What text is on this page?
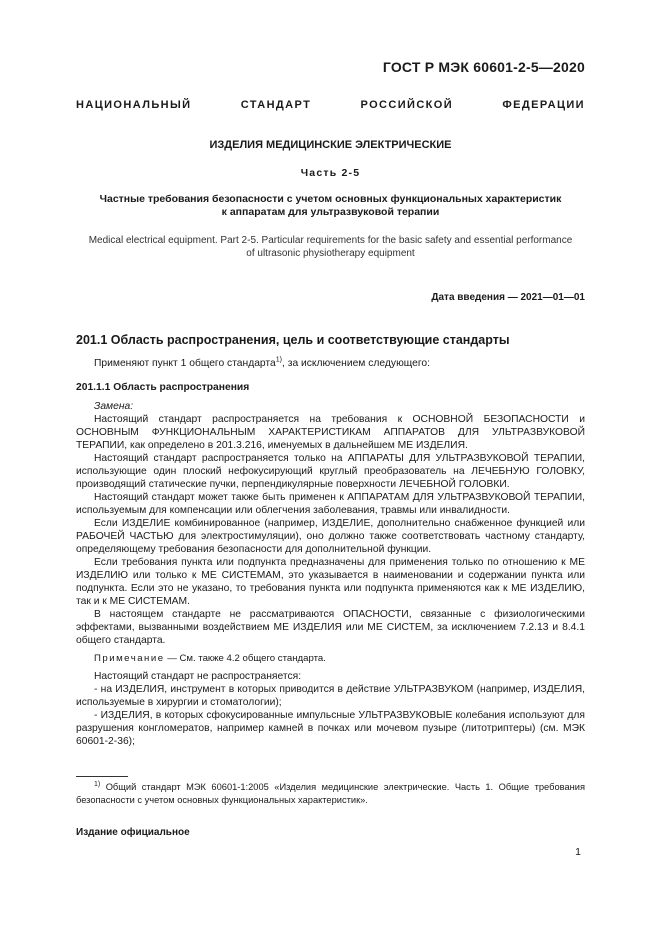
ГОСТ Р МЭК 60601-2-5—2020
НАЦИОНАЛЬНЫЙ СТАНДАРТ РОССИЙСКОЙ ФЕДЕРАЦИИ
ИЗДЕЛИЯ МЕДИЦИНСКИЕ ЭЛЕКТРИЧЕСКИЕ
Часть 2-5
Частные требования безопасности с учетом основных функциональных характеристик
к аппаратам для ультразвуковой терапии
Medical electrical equipment. Part 2-5. Particular requirements for the basic safety and essential performance
of ultrasonic physiotherapy equipment
Дата введения — 2021—01—01
201.1 Область распространения, цель и соответствующие стандарты

Применяют пункт 1 общего стандарта$^{1)}$, за исключением следующего:

201.1.1 Область распространения

Замена:

Настоящий стандарт распространяется на требования к ОСНОВНОЙ БЕЗОПАСНОСТИ и ОСНОВНЫМ ФУНКЦИОНАЛЬНЫМ ХАРАКТЕРИСТИКАМ АППАРАТОВ ДЛЯ УЛЬТРАЗВУКОВОЙ ТЕРАПИИ, как определено в 201.3.216, именуемых в дальнейшем МЕ ИЗДЕЛИЯ.

Настоящий стандарт распространяется только на АППАРАТЫ ДЛЯ УЛЬТРАЗВУКОВОЙ ТЕРАПИИ, использующие один плоский нефокусирующий круглый преобразователь на ЛЕЧЕБНУЮ ГОЛОВКУ, производящий статические пучки, перпендикулярные поверхности ЛЕЧЕБНОЙ ГОЛОВКИ.

Настоящий стандарт может также быть применен к АППАРАТАМ ДЛЯ УЛЬТРАЗВУКОВОЙ ТЕРАПИИ, используемым для компенсации или облегчения заболевания, травмы или инвалидности.

Если ИЗДЕЛИЕ комбинированное (например, ИЗДЕЛИЕ, дополнительно снабженное функцией или РАБОЧЕЙ ЧАСТЬЮ для электростимуляции), оно должно также соответствовать частному стандарту, определяющему требования безопасности для дополнительной функции.

Если требования пункта или подпункта предназначены для применения только по отношению к МЕ ИЗДЕЛИЮ или только к МЕ СИСТЕМАМ, это указывается в наименовании и содержании пункта или подпункта. Если это не указано, то требования пункта или подпункта применяются как к МЕ ИЗДЕЛИЮ, так и к МЕ СИСТЕМАМ.

В настоящем стандарте не рассматриваются ОПАСНОСТИ, связанные с физиологическими эффектами, вызванными воздействием МЕ ИЗДЕЛИЯ или МЕ СИСТЕМ, за исключением 7.2.13 и 8.4.1 общего стандарта.

Примечание — См. также 4.2 общего стандарта.

Настоящий стандарт не распространяется:

- на ИЗДЕЛИЯ, инструмент в которых приводится в действие УЛЬТРАЗВУКОМ (например, ИЗДЕЛИЯ, используемые в хирургии и стоматологии);

- ИЗДЕЛИЯ, в которых сфокусированные импульсные УЛЬТРАЗВУКОВЫЕ колебания используют для разрушения конгломератов, например камней в почках или мочевом пузыре (литотриптеры) (см. МЭК 60601-2-36);

$^{1)}$ Общий стандарт МЭК 60601-1:2005 «Изделия медицинские электрические. Часть 1. Общие требования безопасности с учетом основных функциональных характеристик».

Издание официальное
1
